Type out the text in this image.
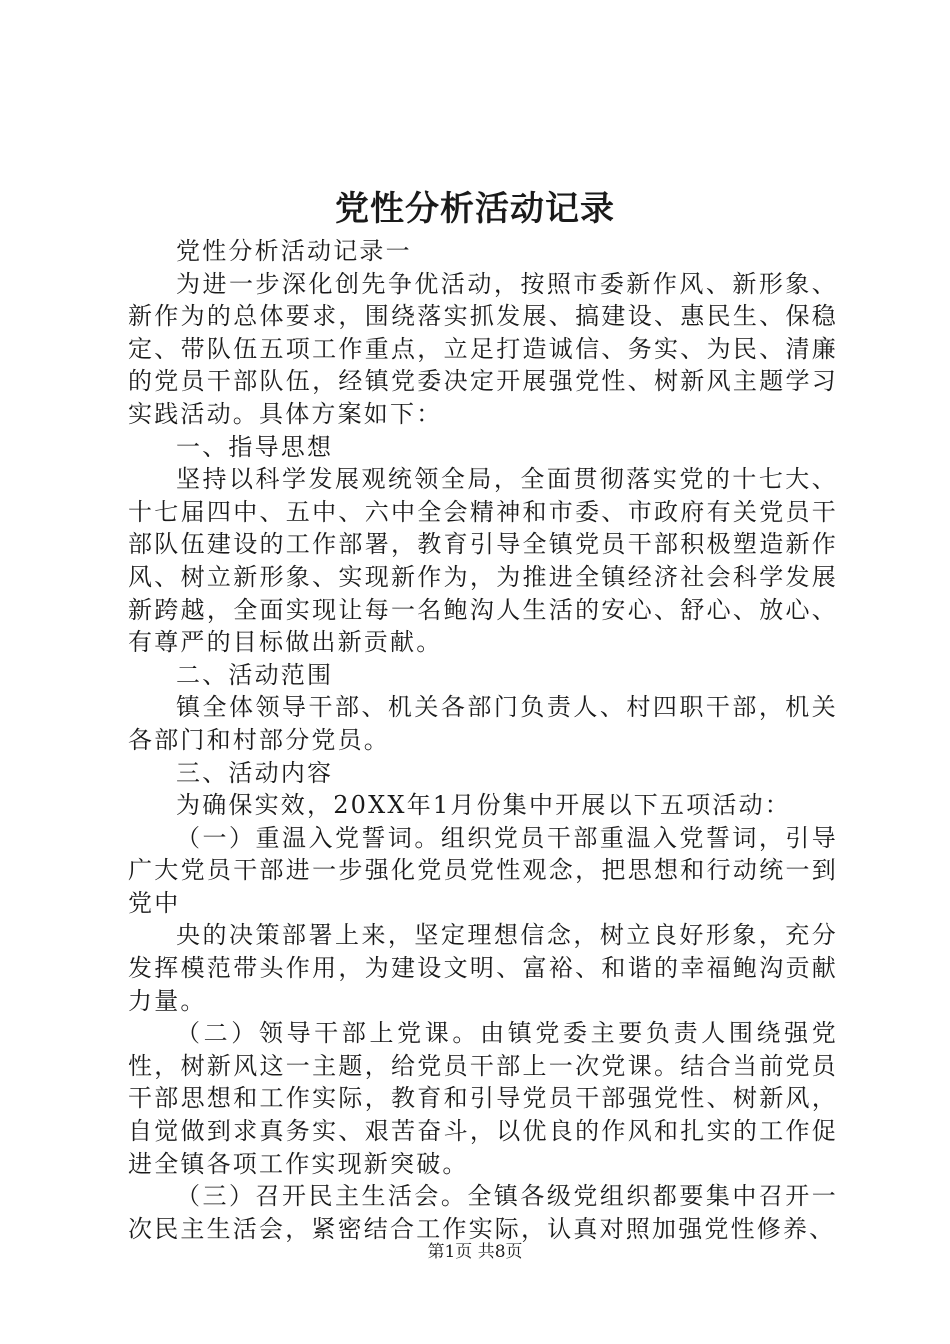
党性分析活动记录

党性分析活动记录一

为进一步深化创先争优活动，按照市委新作风、新形象、新作为的总体要求，围绕落实抓发展、搞建设、惠民生、保稳定、带队伍五项工作重点，立足打造诚信、务实、为民、清廉的党员干部队伍，经镇党委决定开展强党性、树新风主题学习实践活动。具体方案如下：

一、指导思想

坚持以科学发展观统领全局，全面贯彻落实党的十七大、十七届四中、五中、六中全会精神和市委、市政府有关党员干部队伍建设的工作部署，教育引导全镇党员干部积极塑造新作风、树立新形象、实现新作为，为推进全镇经济社会科学发展新跨越，全面实现让每一名鲍沟人生活的安心、舒心、放心、有尊严的目标做出新贡献。

二、活动范围

镇全体领导干部、机关各部门负责人、村四职干部，机关各部门和村部分党员。

三、活动内容

为确保实效，20XX年1月份集中开展以下五项活动：

（一）重温入党誓词。组织党员干部重温入党誓词，引导广大党员干部进一步强化党员党性观念，把思想和行动统一到党中

央的决策部署上来，坚定理想信念，树立良好形象，充分发挥模范带头作用，为建设文明、富裕、和谐的幸福鲍沟贡献力量。

（二）领导干部上党课。由镇党委主要负责人围绕强党性，树新风这一主题，给党员干部上一次党课。结合当前党员干部思想和工作实际，教育和引导党员干部强党性、树新风，自觉做到求真务实、艰苦奋斗，以优良的作风和扎实的工作促进全镇各项工作实现新突破。

（三）召开民主生活会。全镇各级党组织都要集中召开一次民主生活会，紧密结合工作实际，认真对照加强党性修养、

第1页 共8页
